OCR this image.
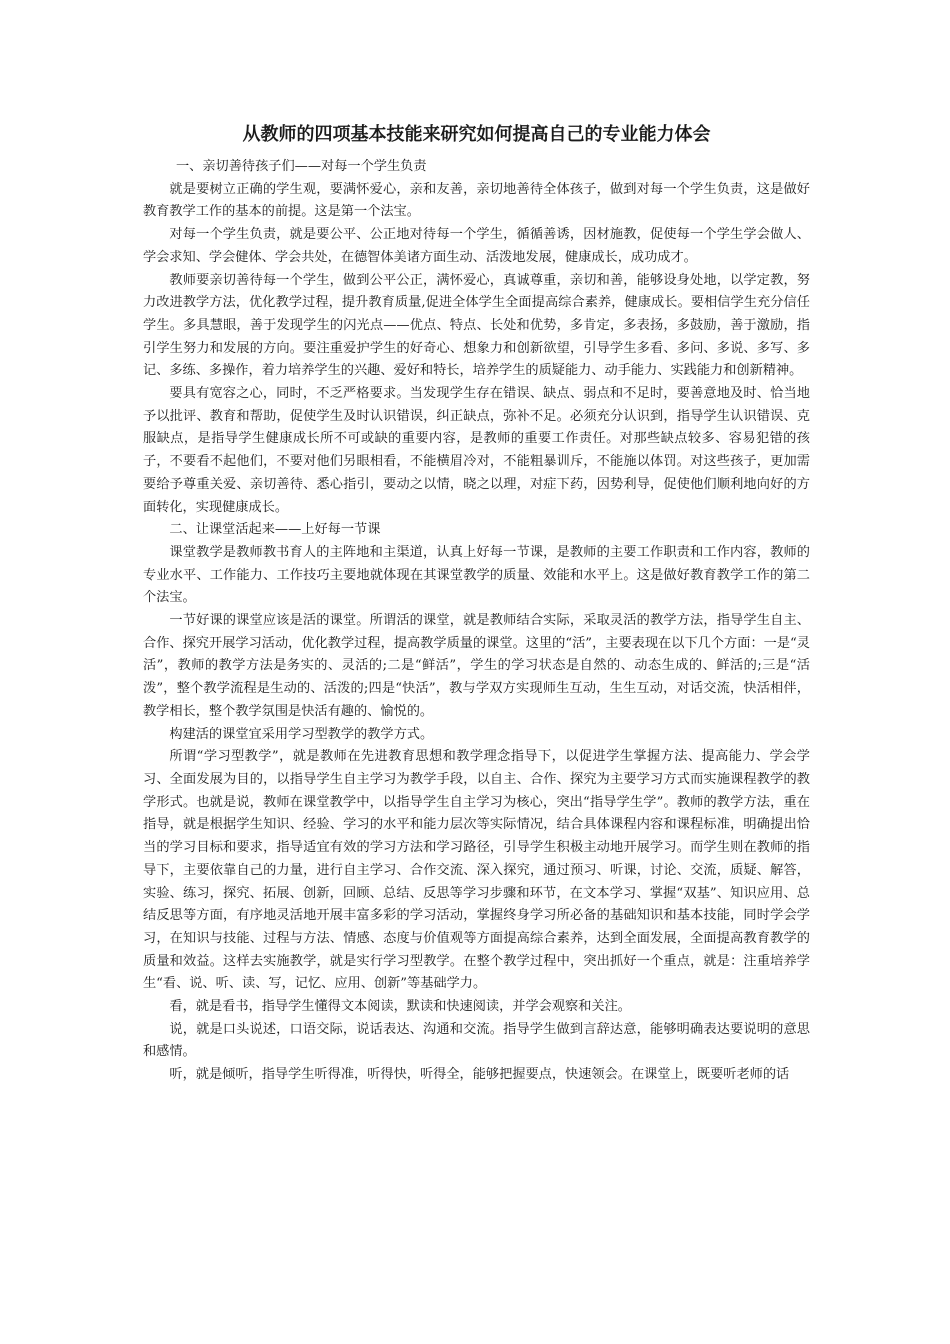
从教师的四项基本技能来研究如何提高自己的专业能力体会

一、亲切善待孩子们——对每一个学生负责

就是要树立正确的学生观，要满怀爱心，亲和友善，亲切地善待全体孩子，做到对每一个学生负责，这是做好教育教学工作的基本的前提。这是第一个法宝。

对每一个学生负责，就是要公平、公正地对待每一个学生，循循善诱，因材施教，促使每一个学生学会做人、学会求知、学会健体、学会共处，在德智体美诸方面生动、活泼地发展，健康成长，成功成才。

教师要亲切善待每一个学生，做到公平公正，满怀爱心，真诚尊重，亲切和善，能够设身处地，以学定教，努力改进教学方法，优化教学过程，提升教育质量,促进全体学生全面提高综合素养，健康成长。要相信学生充分信任学生。多具慧眼，善于发现学生的闪光点——优点、特点、长处和优势，多肯定，多表扬，多鼓励，善于激励，指引学生努力和发展的方向。要注重爱护学生的好奇心、想象力和创新欲望，引导学生多看、多问、多说、多写、多记、多练、多操作，着力培养学生的兴趣、爱好和特长，培养学生的质疑能力、动手能力、实践能力和创新精神。

要具有宽容之心，同时，不乏严格要求。当发现学生存在错误、缺点、弱点和不足时，要善意地及时、恰当地予以批评、教育和帮助，促使学生及时认识错误，纠正缺点，弥补不足。必须充分认识到，指导学生认识错误、克服缺点，是指导学生健康成长所不可或缺的重要内容，是教师的重要工作责任。对那些缺点较多、容易犯错的孩子，不要看不起他们，不要对他们另眼相看，不能横眉冷对，不能粗暴训斥，不能施以体罚。对这些孩子，更加需要给予尊重关爱、亲切善待、悉心指引，要动之以情，晓之以理，对症下药，因势利导，促使他们顺利地向好的方面转化，实现健康成长。

二、让课堂活起来——上好每一节课

课堂教学是教师教书育人的主阵地和主渠道，认真上好每一节课，是教师的主要工作职责和工作内容，教师的专业水平、工作能力、工作技巧主要地就体现在其课堂教学的质量、效能和水平上。这是做好教育教学工作的第二个法宝。

一节好课的课堂应该是活的课堂。所谓活的课堂，就是教师结合实际，采取灵活的教学方法，指导学生自主、合作、探究开展学习活动，优化教学过程，提高教学质量的课堂。这里的“活”，主要表现在以下几个方面：一是“灵活”，教师的教学方法是务实的、灵活的;二是“鲜活”，学生的学习状态是自然的、动态生成的、鲜活的;三是“活泼”，整个教学流程是生动的、活泼的;四是“快活”，教与学双方实现师生互动，生生互动，对话交流，快活相伴，教学相长，整个教学氛围是快活有趣的、愉悦的。

构建活的课堂宜采用学习型教学的教学方式。

所谓“学习型教学”，就是教师在先进教育思想和教学理念指导下，以促进学生掌握方法、提高能力、学会学习、全面发展为目的，以指导学生自主学习为教学手段，以自主、合作、探究为主要学习方式而实施课程教学的教学形式。也就是说，教师在课堂教学中，以指导学生自主学习为核心，突出“指导学生学”。教师的教学方法，重在指导，就是根据学生知识、经验、学习的水平和能力层次等实际情况，结合具体课程内容和课程标准，明确提出恰当的学习目标和要求，指导适宜有效的学习方法和学习路径，引导学生积极主动地开展学习。而学生则在教师的指导下，主要依靠自己的力量，进行自主学习、合作交流、深入探究，通过预习、听课，讨论、交流，质疑、解答，实验、练习，探究、拓展、创新，回顾、总结、反思等学习步骤和环节，在文本学习、掌握“双基”、知识应用、总结反思等方面，有序地灵活地开展丰富多彩的学习活动，掌握终身学习所必备的基础知识和基本技能，同时学会学习，在知识与技能、过程与方法、情感、态度与价值观等方面提高综合素养，达到全面发展，全面提高教育教学的质量和效益。这样去实施教学，就是实行学习型教学。在整个教学过程中，突出抓好一个重点，就是：注重培养学生“看、说、听、读、写，记忆、应用、创新”等基础学力。

看，就是看书，指导学生懂得文本阅读，默读和快速阅读，并学会观察和关注。

说，就是口头说述，口语交际，说话表达、沟通和交流。指导学生做到言辞达意，能够明确表达要说明的意思和感情。

听，就是倾听，指导学生听得准，听得快，听得全，能够把握要点，快速领会。在课堂上，既要听老师的话
